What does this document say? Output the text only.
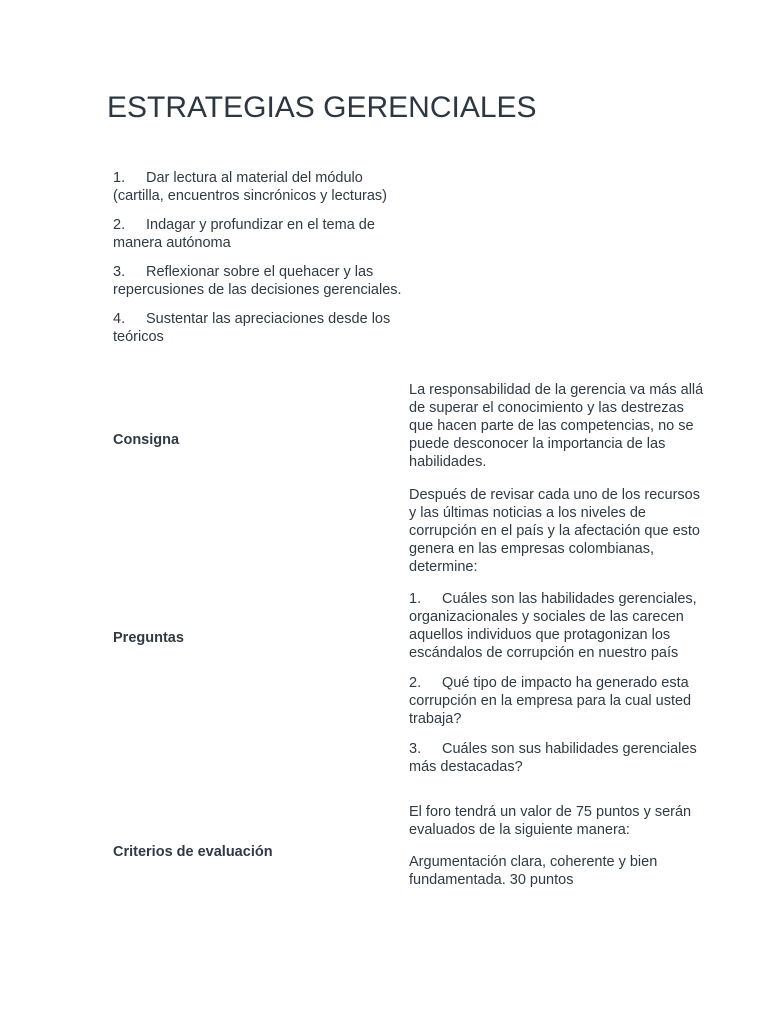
ESTRATEGIAS GERENCIALES
1. Dar lectura al material del módulo (cartilla, encuentros sincrónicos y lecturas)
2. Indagar y profundizar en el tema de manera autónoma
3. Reflexionar sobre el quehacer y las repercusiones de las decisiones gerenciales.
4. Sustentar las apreciaciones desde los teóricos
Consigna

La responsabilidad de la gerencia va más allá de superar el conocimiento y las destrezas que hacen parte de las competencias, no se puede desconocer la importancia de las habilidades.

Preguntas

Después de revisar cada uno de los recursos y las últimas noticias a los niveles de corrupción en el país y la afectación que esto genera en las empresas colombianas, determine:

1. Cuáles son las habilidades gerenciales, organizacionales y sociales de las carecen aquellos individuos que protagonizan los escándalos de corrupción en nuestro país
2. Qué tipo de impacto ha generado esta corrupción en la empresa para la cual usted trabaja?
3. Cuáles son sus habilidades gerenciales más destacadas?
Criterios de evaluación

El foro tendrá un valor de 75 puntos y serán evaluados de la siguiente manera:

Argumentación clara, coherente y bien fundamentada. 30 puntos
